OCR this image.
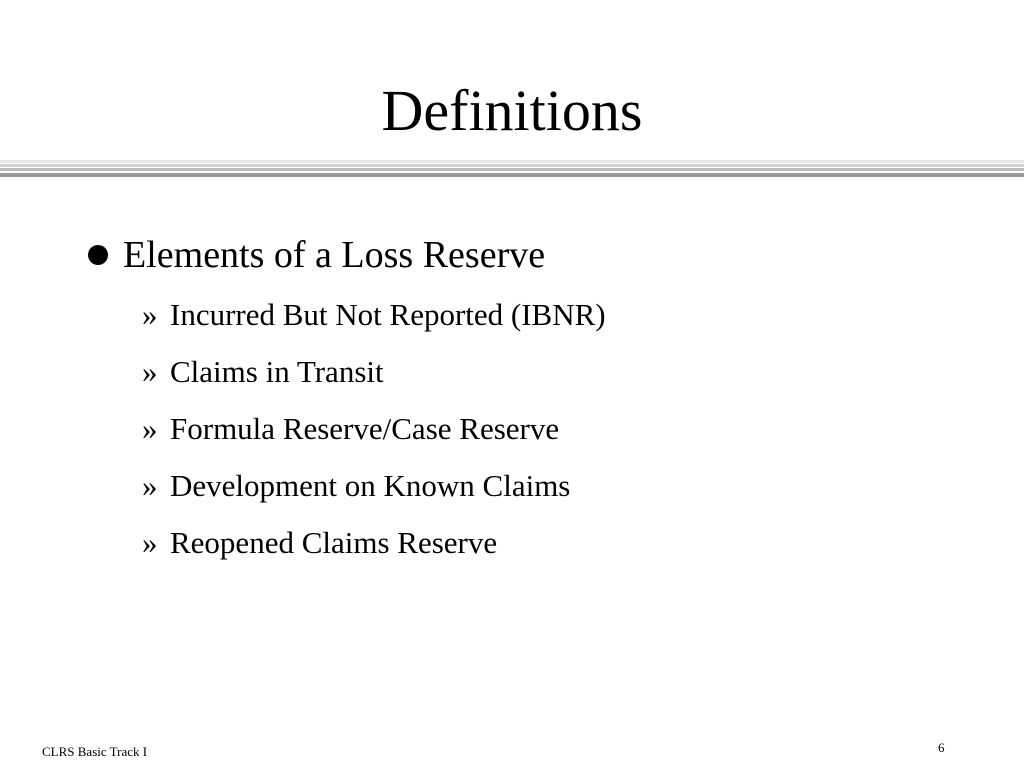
Definitions
Elements of a Loss Reserve
» Incurred But Not Reported (IBNR)
» Claims in Transit
» Formula Reserve/Case Reserve
» Development on Known Claims
» Reopened Claims Reserve
CLRS Basic Track I	6
